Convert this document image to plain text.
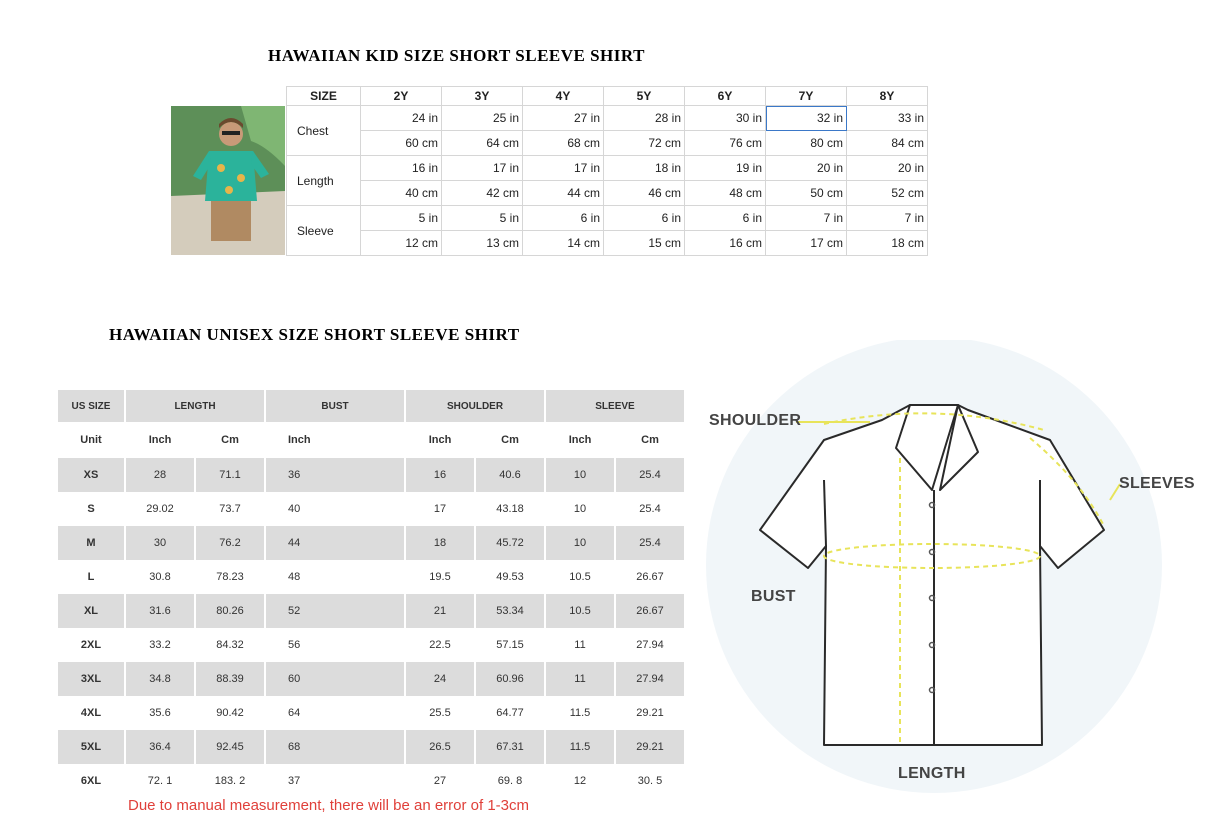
HAWAIIAN KID SIZE SHORT SLEEVE SHIRT
SIZE	2Y	3Y	4Y	5Y	6Y	7Y	8Y
Chest	24 in	25 in	27 in	28 in	30 in	32 in	33 in
	60 cm	64 cm	68 cm	72 cm	76 cm	80 cm	84 cm
Length	16 in	17 in	17 in	18 in	19 in	20 in	20 in
	40 cm	42 cm	44 cm	46 cm	48 cm	50 cm	52 cm
Sleeve	5 in	5 in	6 in	6 in	6 in	7 in	7 in
	12 cm	13 cm	14 cm	15 cm	16 cm	17 cm	18 cm
HAWAIIAN UNISEX SIZE SHORT SLEEVE SHIRT
US SIZE	LENGTH		BUST	SHOULDER		SLEEVE	
Unit	Inch	Cm	Inch	Inch	Cm	Inch	Cm
XS	28	71.1	36	16	40.6	10	25.4
S	29.02	73.7	40	17	43.18	10	25.4
M	30	76.2	44	18	45.72	10	25.4
L	30.8	78.23	48	19.5	49.53	10.5	26.67
XL	31.6	80.26	52	21	53.34	10.5	26.67
2XL	33.2	84.32	56	22.5	57.15	11	27.94
3XL	34.8	88.39	60	24	60.96	11	27.94
4XL	35.6	90.42	64	25.5	64.77	11.5	29.21
5XL	36.4	92.45	68	26.5	67.31	11.5	29.21
6XL	72. 1	183. 2	37	27	69. 8	12	30. 5
Due to manual measurement, there will be an error of 1-3cm
SHOULDER
SLEEVES
BUST
LENGTH
